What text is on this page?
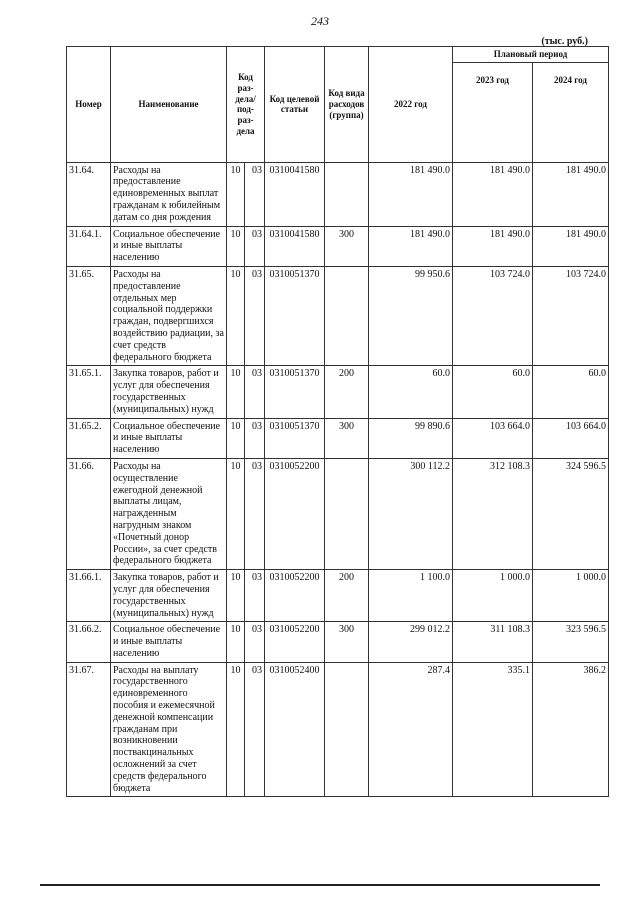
243
(тыс. руб.)
Номер	Наименование	Код раз-дела/ под-раз-дела		Код целевой статьи	Код вида расходов (группа)	2022 год	Плановый период	
							2023 год	2024 год
31.64.	Расходы на предоставление единовременных выплат гражданам к юбилейным датам со дня рождения	10	03	0310041580		181 490.0	181 490.0	181 490.0
31.64.1.	Социальное обеспечение и иные выплаты населению	10	03	0310041580	300	181 490.0	181 490.0	181 490.0
31.65.	Расходы на предоставление отдельных мер социальной поддержки граждан, подвергшихся воздействию радиации, за счет средств федерального бюджета	10	03	0310051370		99 950.6	103 724.0	103 724.0
31.65.1.	Закупка товаров, работ и услуг для обеспечения государственных (муниципальных) нужд	10	03	0310051370	200	60.0	60.0	60.0
31.65.2.	Социальное обеспечение и иные выплаты населению	10	03	0310051370	300	99 890.6	103 664.0	103 664.0
31.66.	Расходы на осуществление ежегодной денежной выплаты лицам, награжденным нагрудным знаком «Почетный донор России», за счет средств федерального бюджета	10	03	0310052200		300 112.2	312 108.3	324 596.5
31.66.1.	Закупка товаров, работ и услуг для обеспечения государственных (муниципальных) нужд	10	03	0310052200	200	1 100.0	1 000.0	1 000.0
31.66.2.	Социальное обеспечение и иные выплаты населению	10	03	0310052200	300	299 012.2	311 108.3	323 596.5
31.67.	Расходы на выплату государственного единовременного пособия и ежемесячной денежной компенсации гражданам при возникновении поствакцинальных осложнений за счет средств федерального бюджета	10	03	0310052400		287.4	335.1	386.2
